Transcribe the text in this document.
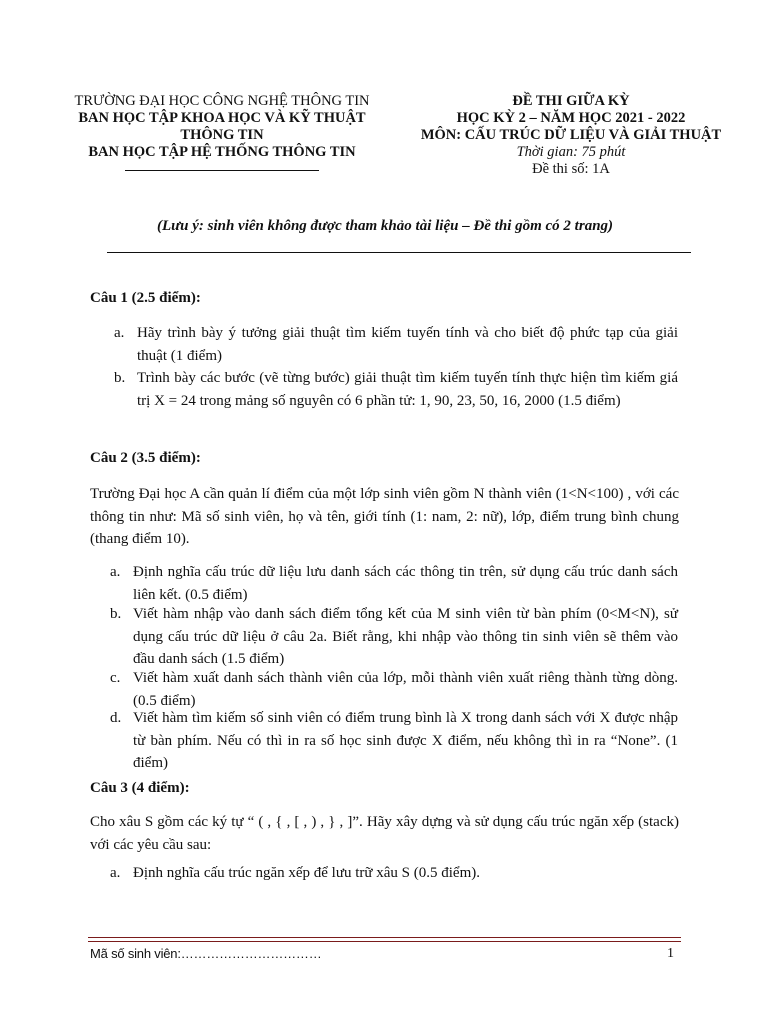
TRƯỜNG ĐẠI HỌC CÔNG NGHỆ THÔNG TIN
BAN HỌC TẬP KHOA HỌC VÀ KỸ THUẬT
THÔNG TIN
BAN HỌC TẬP HỆ THỐNG THÔNG TIN
ĐỀ THI GIỮA KỲ
HỌC KỲ 2 – NĂM HỌC 2021 - 2022
MÔN: CẤU TRÚC DỮ LIỆU VÀ GIẢI THUẬT
Thời gian: 75 phút
Đề thi số: 1A
(Lưu ý: sinh viên không được tham khảo tài liệu – Đề thi gồm có 2 trang)
Câu 1 (2.5 điểm):
a. Hãy trình bày ý tưởng giải thuật tìm kiếm tuyến tính và cho biết độ phức tạp của giải thuật (1 điểm)
b. Trình bày các bước (vẽ từng bước) giải thuật tìm kiếm tuyến tính thực hiện tìm kiếm giá trị X = 24 trong mảng số nguyên có 6 phần tử: 1, 90, 23, 50, 16, 2000 (1.5 điểm)
Câu 2 (3.5 điểm):
Trường Đại học A cần quản lí điểm của một lớp sinh viên gồm N thành viên (1<N<100) , với các thông tin như: Mã số sinh viên, họ và tên, giới tính (1: nam, 2: nữ), lớp, điểm trung bình chung (thang điểm 10).
a. Định nghĩa cấu trúc dữ liệu lưu danh sách các thông tin trên, sử dụng cấu trúc danh sách liên kết. (0.5 điểm)
b. Viết hàm nhập vào danh sách điểm tổng kết của M sinh viên từ bàn phím (0<M<N), sử dụng cấu trúc dữ liệu ở câu 2a. Biết rằng, khi nhập vào thông tin sinh viên sẽ thêm vào đầu danh sách (1.5 điểm)
c. Viết hàm xuất danh sách thành viên của lớp, mỗi thành viên xuất riêng thành từng dòng. (0.5 điểm)
d. Viết hàm tìm kiếm số sinh viên có điểm trung bình là X trong danh sách với X được nhập từ bàn phím. Nếu có thì in ra số học sinh được X điểm, nếu không thì in ra “None”. (1 điểm)
Câu 3 (4 điểm):
Cho xâu S gồm các ký tự “ ( , { , [ , ) , } , ]”. Hãy xây dựng và sử dụng cấu trúc ngăn xếp (stack) với các yêu cầu sau:
a. Định nghĩa cấu trúc ngăn xếp để lưu trữ xâu S (0.5 điểm).
Mã số sinh viên:……………………………	1
